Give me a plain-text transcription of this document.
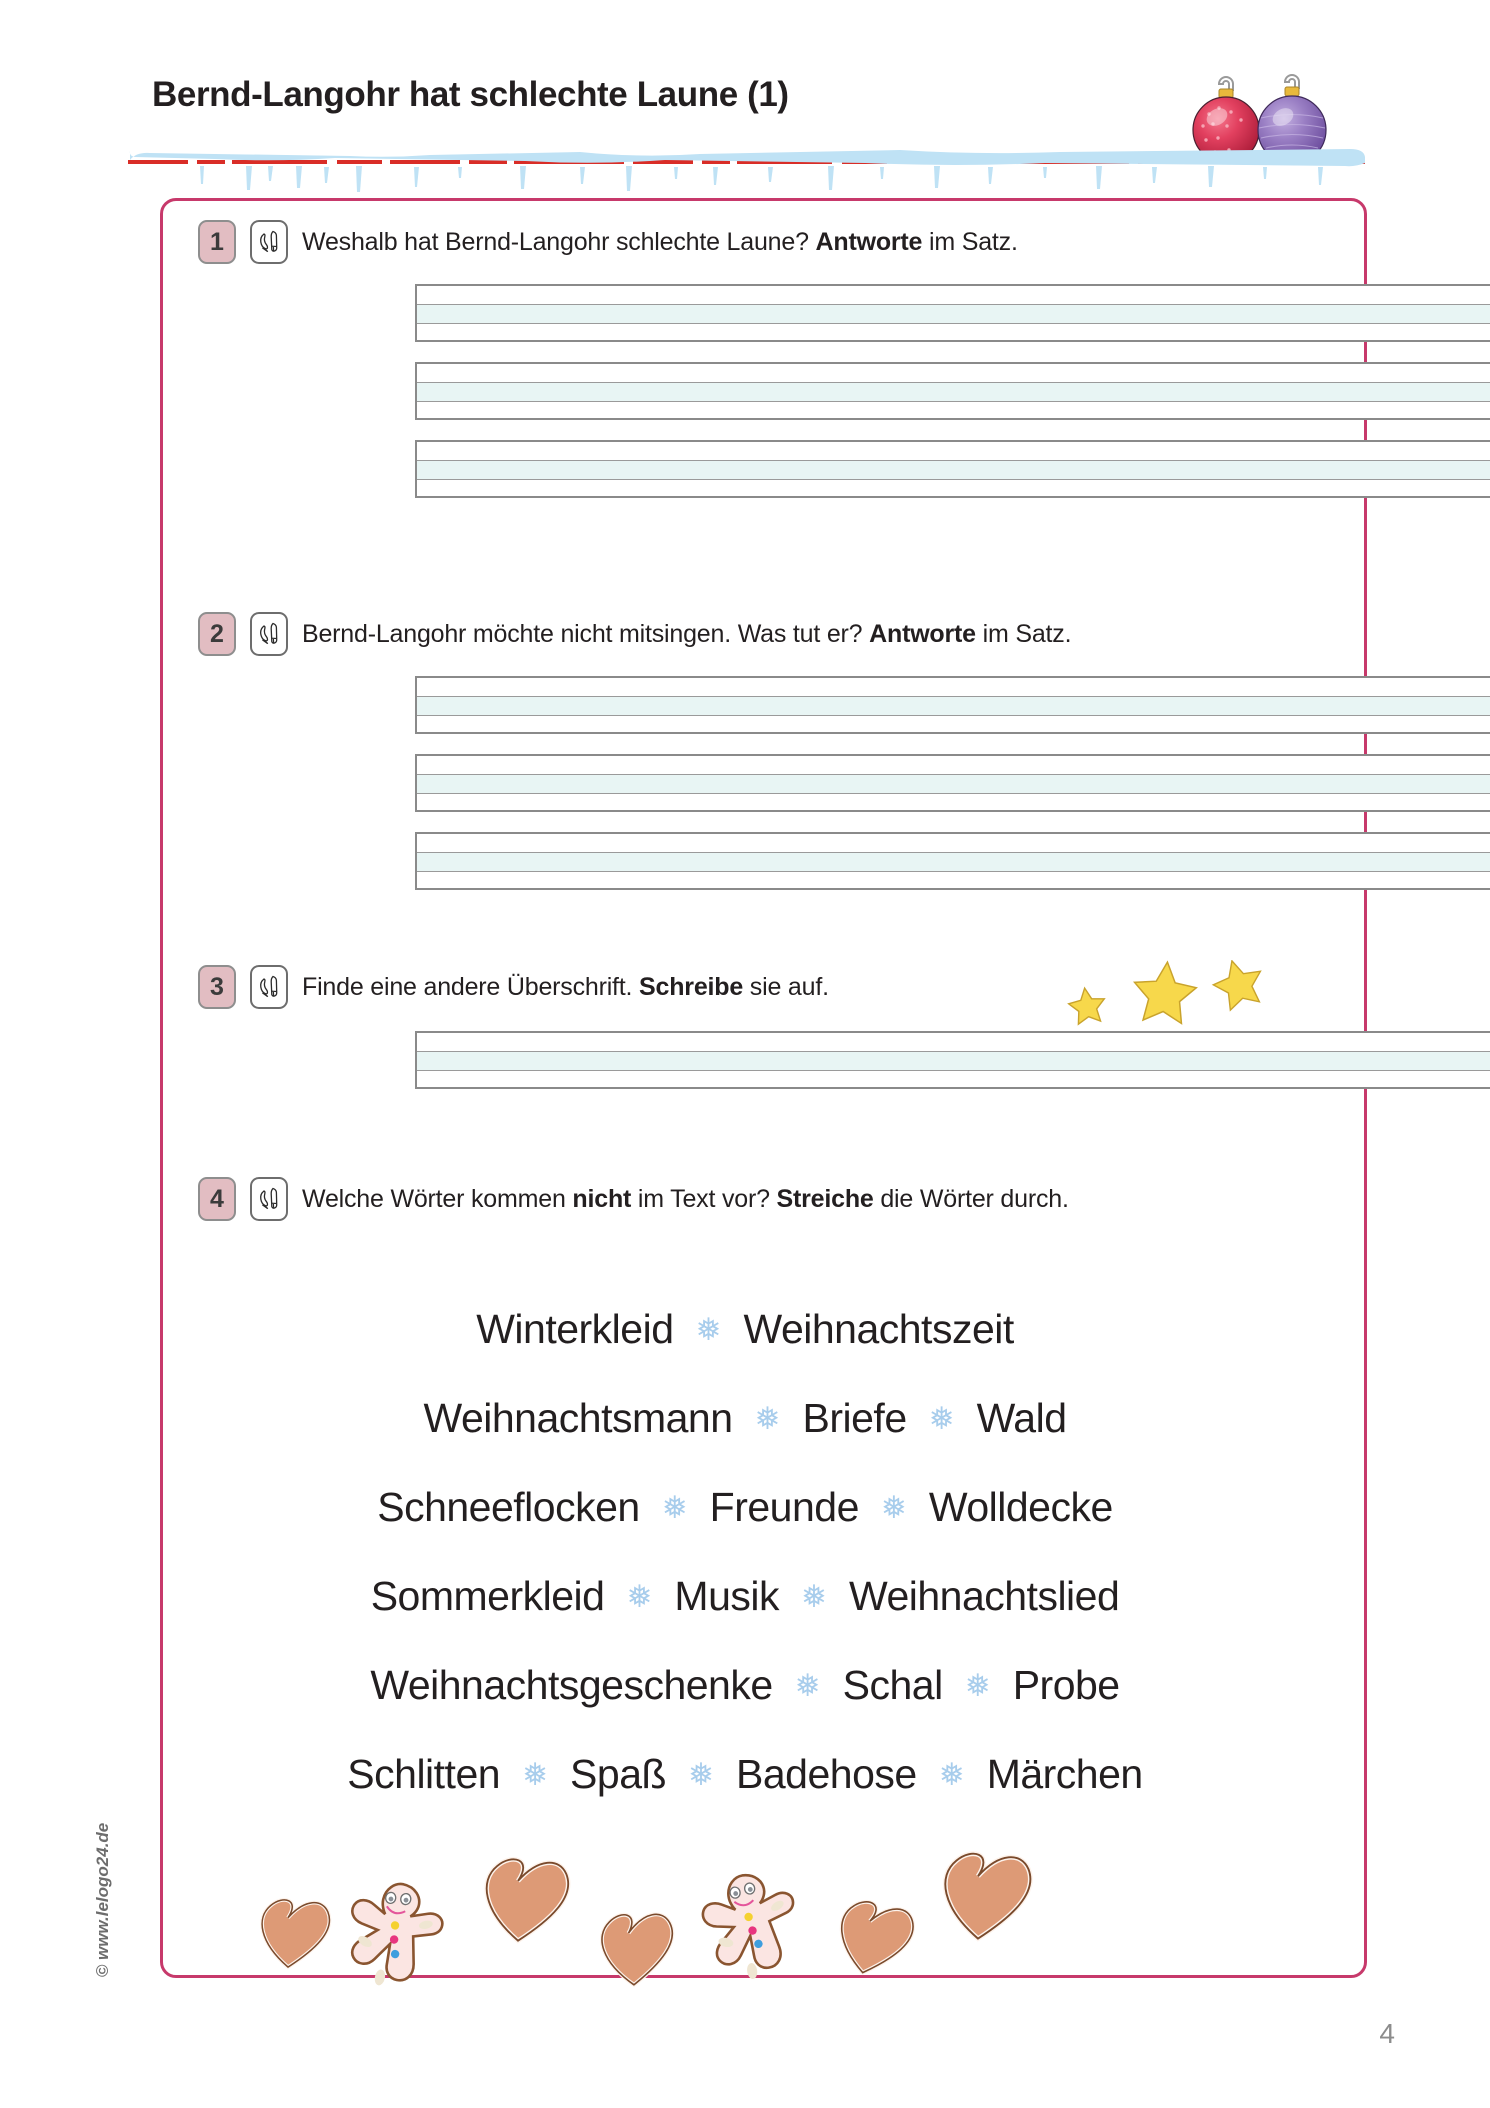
Bernd-Langohr hat schlechte Laune (1)
1	Weshalb hat Bernd-Langohr schlechte Laune? Antworte im Satz.
2	Bernd-Langohr möchte nicht mitsingen. Was tut er? Antworte im Satz.
3	Finde eine andere Überschrift. Schreibe sie auf.
4	Welche Wörter kommen nicht im Text vor? Streiche die Wörter durch.
Winterkleid ❅ Weihnachtszeit
Weihnachtsmann ❅ Briefe ❅ Wald
Schneeflocken ❅ Freunde ❅ Wolldecke
Sommerkleid ❅ Musik ❅ Weihnachtslied
Weihnachtsgeschenke ❅ Schal ❅ Probe
Schlitten ❅ Spaß ❅ Badehose ❅ Märchen
© www.lelogo24.de
4
